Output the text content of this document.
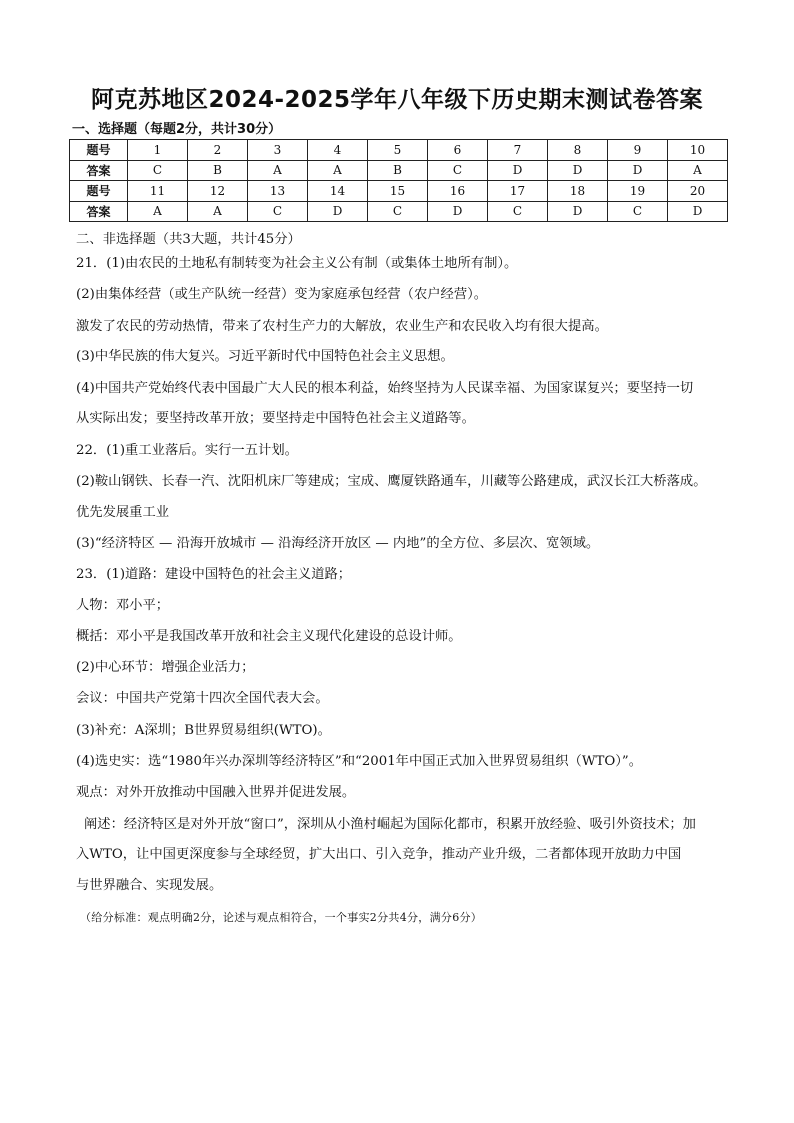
阿克苏地区2024-2025学年八年级下历史期末测试卷答案
一、选择题（每题2分，共计30分）
题号	1	2	3	4	5	6	7	8	9	10
答案	C	B	A	A	B	C	D	D	D	A
题号	11	12	13	14	15	16	17	18	19	20
答案	A	A	C	D	C	D	C	D	C	D
二、非选择题（共3大题，共计45分）
21．(1)由农民的土地私有制转变为社会主义公有制（或集体土地所有制）。
(2)由集体经营（或生产队统一经营）变为家庭承包经营（农户经营）。
激发了农民的劳动热情，带来了农村生产力的大解放，农业生产和农民收入均有很大提高。
(3)中华民族的伟大复兴。习近平新时代中国特色社会主义思想。
(4)中国共产党始终代表中国最广大人民的根本利益，始终坚持为人民谋幸福、为国家谋复兴；要坚持一切
从实际出发；要坚持改革开放；要坚持走中国特色社会主义道路等。
22．(1)重工业落后。实行一五计划。
(2)鞍山钢铁、长春一汽、沈阳机床厂等建成；宝成、鹰厦铁路通车，川藏等公路建成，武汉长江大桥落成。
优先发展重工业
(3)“经济特区 — 沿海开放城市 — 沿海经济开放区 — 内地”的全方位、多层次、宽领域。
23．(1)道路：建设中国特色的社会主义道路；
人物：邓小平；
概括：邓小平是我国改革开放和社会主义现代化建设的总设计师。
(2)中心环节：增强企业活力；
会议：中国共产党第十四次全国代表大会。
(3)补充：A深圳；B世界贸易组织(WTO)。
(4)选史实：选“1980年兴办深圳等经济特区”和“2001年中国正式加入世界贸易组织（WTO）”。
观点：对外开放推动中国融入世界并促进发展。
阐述：经济特区是对外开放“窗口”，深圳从小渔村崛起为国际化都市，积累开放经验、吸引外资技术；加
入WTO，让中国更深度参与全球经贸，扩大出口、引入竞争，推动产业升级，二者都体现开放助力中国
与世界融合、实现发展。
（给分标准：观点明确2分，论述与观点相符合，一个事实2分共4分，满分6分）
